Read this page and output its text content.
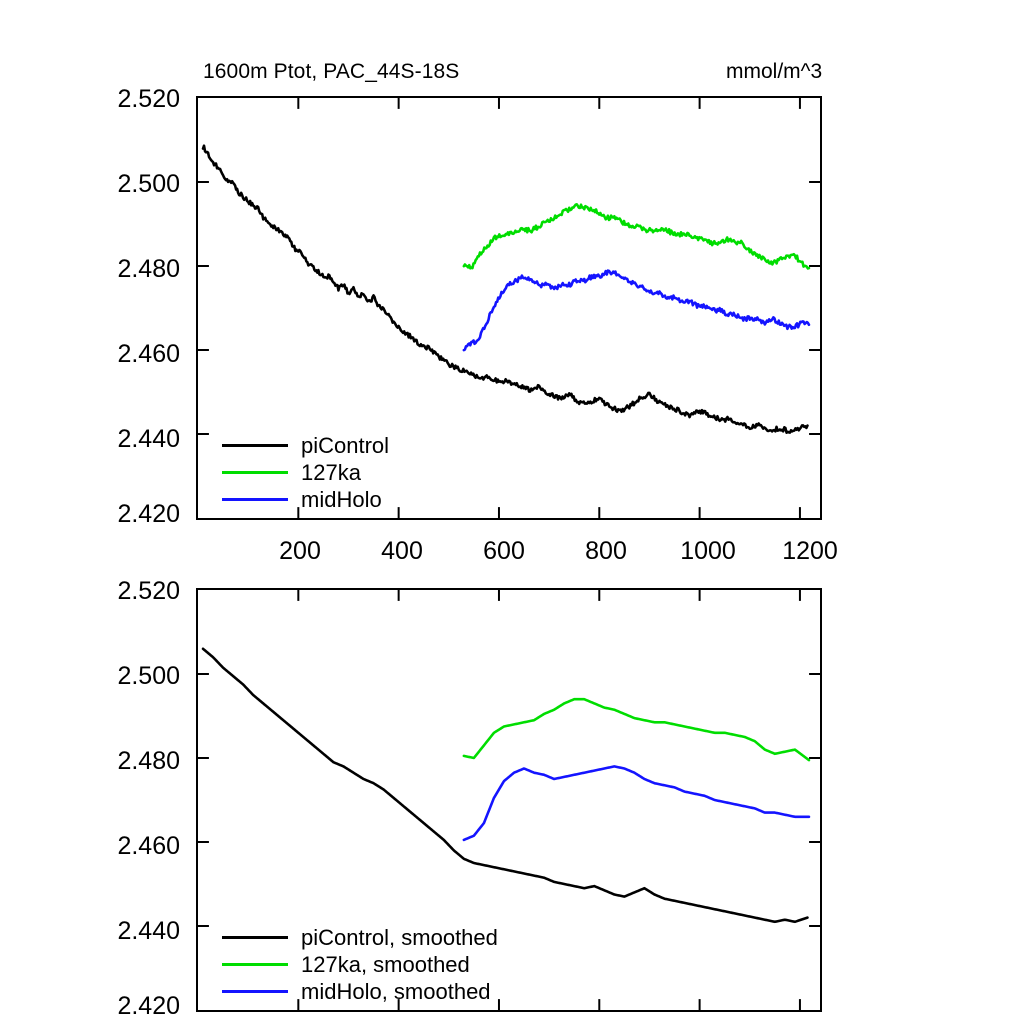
1600m Ptot, PAC_44S-18S	mmol/m^3
2.520
2.500
2.480
2.460
2.440
2.420
200	400	600	800	1000	1200
piControl
127ka
midHolo
2.520
2.500
2.480
2.460
2.440
2.420
piControl, smoothed
127ka, smoothed
midHolo, smoothed
